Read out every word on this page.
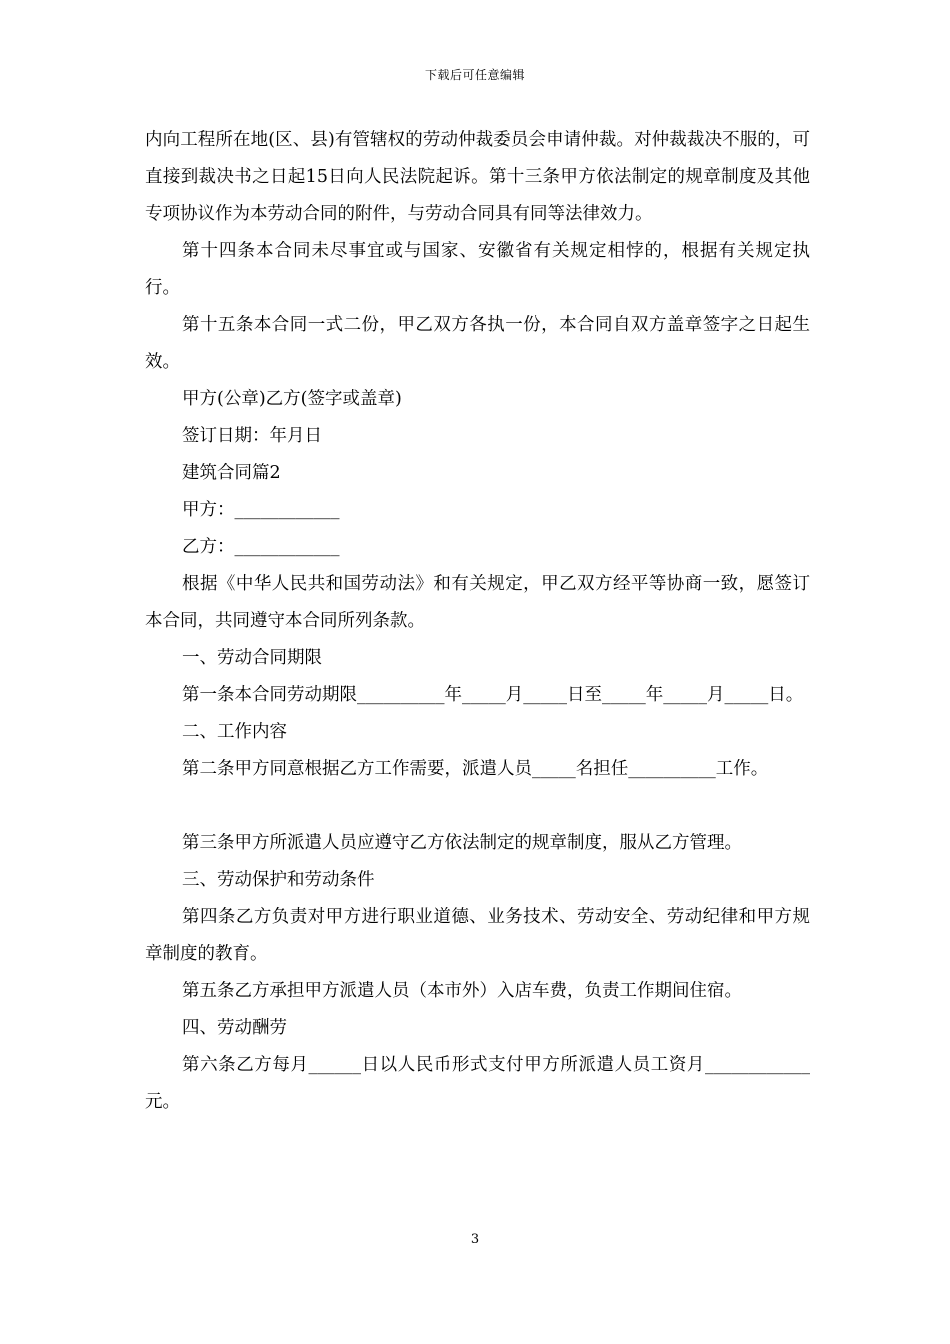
下载后可任意编辑

内向工程所在地(区、县)有管辖权的劳动仲裁委员会申请仲裁。对仲裁裁决不服的，可直接到裁决书之日起15日向人民法院起诉。第十三条甲方依法制定的规章制度及其他专项协议作为本劳动合同的附件，与劳动合同具有同等法律效力。

第十四条本合同未尽事宜或与国家、安徽省有关规定相悖的，根据有关规定执行。

第十五条本合同一式二份，甲乙双方各执一份，本合同自双方盖章签字之日起生效。

甲方(公章)乙方(签字或盖章)

签订日期：年月日

建筑合同篇2

甲方：____________

乙方：____________

根据《中华人民共和国劳动法》和有关规定，甲乙双方经平等协商一致，愿签订本合同，共同遵守本合同所列条款。

一、劳动合同期限

第一条本合同劳动期限__________年_____月_____日至_____年_____月_____日。

二、工作内容

第二条甲方同意根据乙方工作需要，派遣人员_____名担任__________工作。

第三条甲方所派遣人员应遵守乙方依法制定的规章制度，服从乙方管理。

三、劳动保护和劳动条件

第四条乙方负责对甲方进行职业道德、业务技术、劳动安全、劳动纪律和甲方规章制度的教育。

第五条乙方承担甲方派遣人员（本市外）入店车费，负责工作期间住宿。

四、劳动酬劳

第六条乙方每月______日以人民币形式支付甲方所派遣人员工资月____________元。

3
